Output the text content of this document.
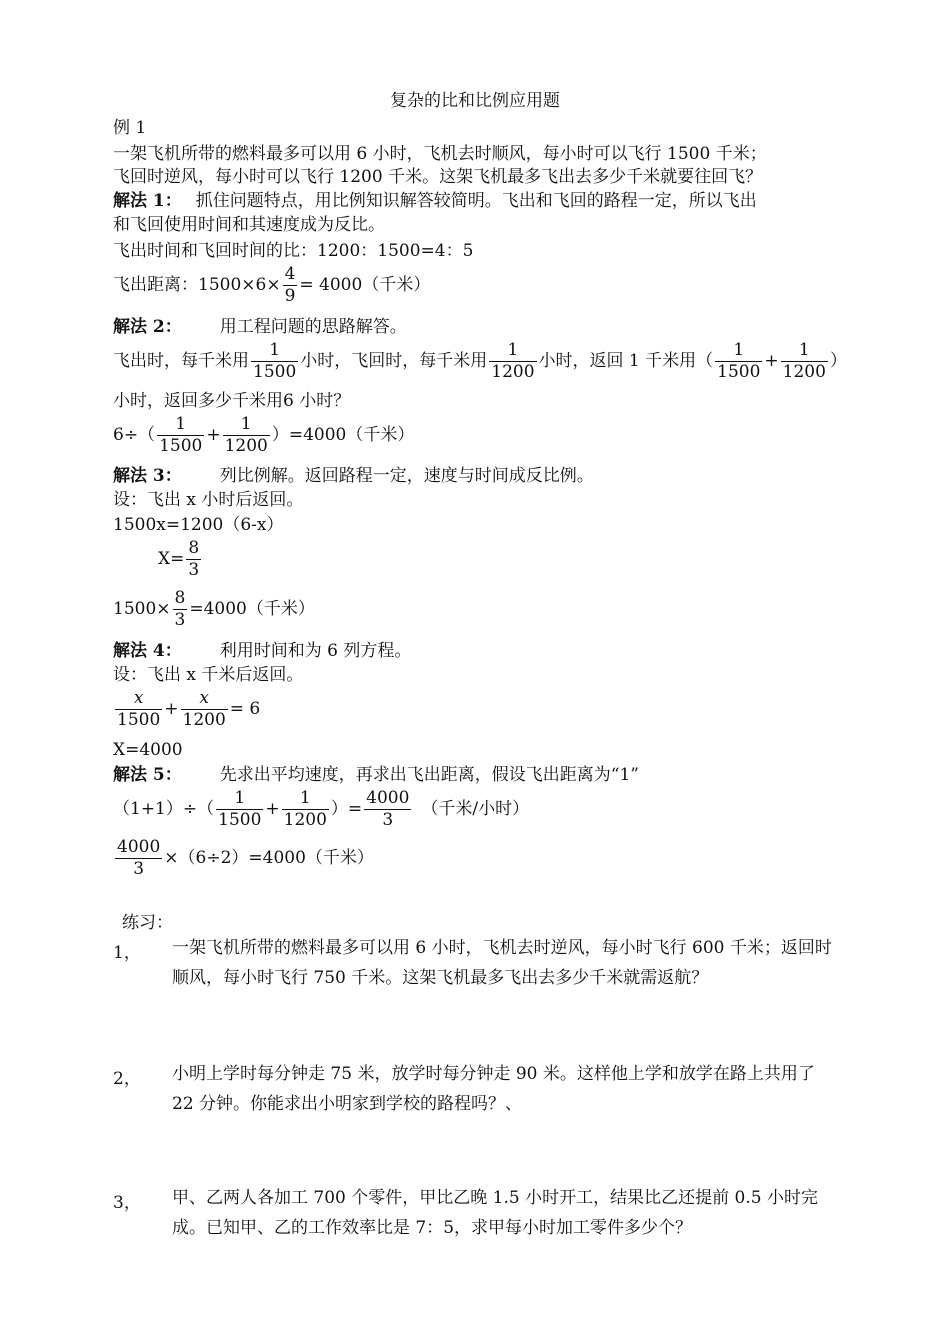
复杂的比和比例应用题
例 1
一架飞机所带的燃料最多可以用 6 小时，飞机去时顺风，每小时可以飞行 1500 千米；
飞回时逆风，每小时可以飞行 1200 千米。这架飞机最多飞出去多少千米就要往回飞？
解法 1： 抓住问题特点，用比例知识解答较简明。飞出和飞回的路程一定，所以飞出
和飞回使用时间和其速度成为反比。
飞出时间和飞回时间的比：1200：1500=4：5
飞出距离：$1500\times 6\times \frac{4}{9} = 4000$（千米）
解法 2： 用工程问题的思路解答。
飞出时，每千米用 $\frac{1}{1500}$ 小时，飞回时，每千米用 $\frac{1}{1200}$ 小时，返回 1 千米用（ $\frac{1}{1500} + \frac{1}{1200}$ ）
小时，返回多少千米用6 小时？
$6\div( \frac{1}{1500} + \frac{1}{1200} )=4000$（千米）
解法 3： 列比例解。返回路程一定，速度与时间成反比例。
设：飞出 x 小时后返回。
1500x=1200（6-x）
$X= \frac{8}{3}$
$1500\times \frac{8}{3} =4000$（千米）
解法 4： 利用时间和为 6 列方程。
设：飞出 x 千米后返回。
$\frac{x}{1500} + \frac{x}{1200} = 6$
X=4000
解法 5： 先求出平均速度，再求出飞出距离，假设飞出距离为“1”
$(1+1)\div( \frac{1}{1500} + \frac{1}{1200}$ ）= $\frac{4000}{3}$ （千米/小时）
$\frac{4000}{3} \times(6\div 2)=4000$（千米）
练习：
1， 一架飞机所带的燃料最多可以用 6 小时，飞机去时逆风，每小时飞行 600 千米；返回时顺风，每小时飞行 750 千米。这架飞机最多飞出去多少千米就需返航？
2， 小明上学时每分钟走 75 米，放学时每分钟走 90 米。这样他上学和放学在路上共用了 22 分钟。你能求出小明家到学校的路程吗？、
3， 甲、乙两人各加工 700 个零件，甲比乙晚 1.5 小时开工，结果比乙还提前 0.5 小时完成。已知甲、乙的工作效率比是 7：5，求甲每小时加工零件多少个？
